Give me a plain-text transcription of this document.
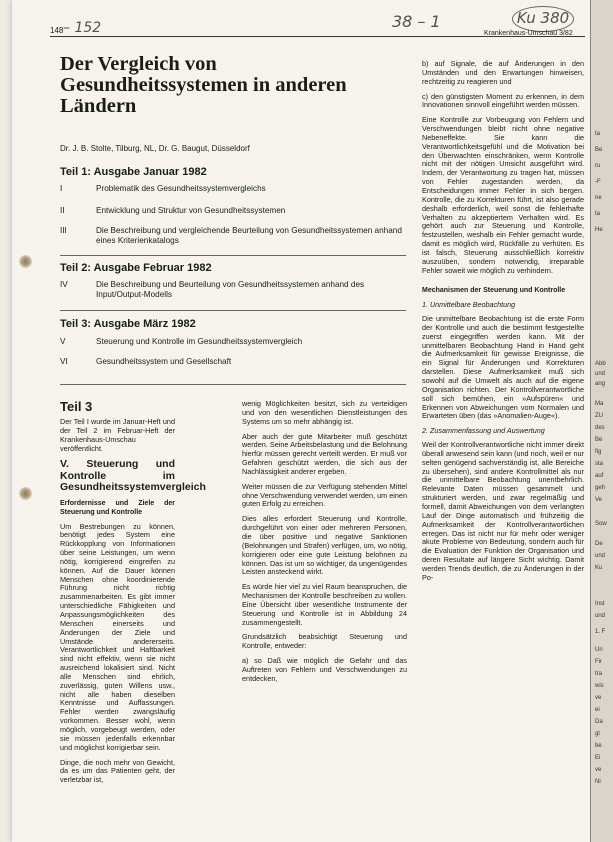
148 – 152	38 – 1	Ku 380
Krankenhaus-Umschau 3/82
Der Vergleich von Gesundheitssystemen in anderen Ländern
Dr. J. B. Stolte, Tilburg, NL, Dr. G. Baugut, Düsseldorf
Teil 1: Ausgabe Januar 1982
I	Problematik des Gesundheitssystemvergleichs
II	Entwicklung und Struktur von Gesundheitssystemen
III	Die Beschreibung und vergleichende Beurteilung von Gesundheitssystemen anhand eines Kriterienkatalogs
Teil 2: Ausgabe Februar 1982
IV	Die Beschreibung und Beurteilung von Gesundheitssystemen anhand des Input/Output-Modells
Teil 3: Ausgabe März 1982
V	Steuerung und Kontrolle im Gesundheitssystemvergleich
VI	Gesundheitssystem und Gesellschaft
Teil 3

Der Teil I wurde im Januar-Heft und der Teil 2 im Februar-Heft der Krankenhaus-Umschau veröffentlicht.

V. Steuerung und Kontrolle im Gesundheitssystemvergleich
Erfordernisse und Ziele der Steuerung und Kontrolle

Um Bestrebungen zu können, benötigt jedes System eine Rückkopplung von Informationen über seine Leistungen, um wenn nötig, korrigierend eingreifen zu können. Auf die Dauer können Menschen ohne koordinierende Führung nicht richtig zusammenarbeiten. Es gibt immer unterschiedliche Fähigkeiten und Anpassungsmöglichkeiten des Menschen einerseits und Änderungen der Ziele und Umstände andererseits. Verantwortlichkeit und Haftbarkeit sind nicht effektiv, wenn sie nicht ausreichend lokalisiert sind. Nicht alle Menschen sind ehrlich, zuverlässig, guten Willens usw., nicht alle haben dieselben Kenntnisse und Auffassungen. Fehler werden zwangsläufig vorkommen. Besser wohl, wenn möglich, vorgebeugt werden, oder sie müssen jedenfalls erkennbar und möglichst korrigierbar sein.

Dinge, die noch mehr von Gewicht, da es um das Patienten geht, der verletzbar ist,

wenig Möglichkeiten besitzt, sich zu verteidigen und von den wesentlichen Dienstleistungen des Systems um so mehr abhängig ist.

Aber auch der gute Mitarbeiter muß geschützt werden. Seine Arbeitsbelastung und die Belohnung hierfür müssen gerecht verteilt werden. Er muß vor Gefahren geschützt werden, die sich aus der Nachlässigkeit anderer ergeben.

Weiter müssen die zur Verfügung stehenden Mittel ohne Verschwendung verwendet werden, um einen guten Erfolg zu erreichen.

Dies alles erfordert Steuerung und Kontrolle, durchgeführt von einer oder mehreren Personen, die über positive und negative Sanktionen (Belohnungen und Strafen) verfügen, um, wo nötig, korrigieren oder eine gute Leistung belohnen zu können. Das ist um so wichtiger, da ungenügendes Leisten ansteckend wirkt.

Es würde hier viel zu viel Raum beanspruchen, die Mechanismen der Kontrolle beschreiben zu wollen. Eine Übersicht über wesentliche Instrumente der Steuerung und Kontrolle ist in Abbildung 24 zusammengestellt.

Grundsätzlich beabsichtigt Steuerung und Kontrolle, entweder:

a) so Daß wie möglich die Gefahr und das Auftreten von Fehlern und Verschwendungen zu entdecken,

b) auf Signale, die auf Änderungen in den Umständen und den Erwartungen hinweisen, rechtzeitig zu reagieren und

c) den günstigsten Moment zu erkennen, in dem Innovationen sinnvoll eingeführt werden müssen.

Eine Kontrolle zur Vorbeugung von Fehlern und Verschwendungen bleibt nicht ohne negative Nebeneffekte. Sie kann die Verantwortlichkeitsgefühl und die Motivation bei den Überwachten einschränken, wenn Kontrolle nicht mit der nötigen Umsicht ausgeführt wird. Indem, der Verantwortung zu tragen hat, müssen von Fehler zugestanden werden, da Entscheidungen immer Fehler in sich bergen. Kontrolle, die zu Korrekturen führt, ist also gerade deshalb erforderlich, weil sonst die fehlerhafte Verhalten zu akzeptiertem Verhalten wird. Es gehört auch zur Steuerung und Kontrolle, festzustellen, weshalb ein Fehler gemacht wurde, damit es möglich wird, Rückfälle zu verhüten. Es ist falsch, Steuerung ausschließlich korrektiv auszuüben, sondern notwendig, irreparable Fehler soweit wie möglich zu verhindern.

Mechanismen der Steuerung und Kontrolle
1. Unmittelbare Beobachtung

Die unmittelbare Beobachtung ist die erste Form der Kontrolle und auch die bestimmt festgestellte zuerst eingegriffen werden kann. Mit der unmittelbaren Beobachtung Hand in Hand geht die Aufmerksamkeit für gewisse Ereignisse, die ein Signal für Änderungen und Korrekturen darstellen. Diese Aufmerksamkeit muß sich sowohl auf die Umwelt als auch auf die eigene Organisation richten. Der Kontrollverantwortliche soll sich bemühen, ein »Aufspüren« und Erkennen von Abweichungen vom Normalen und Erwarteten üben (das »Anomalien-Auge«).

2. Zusammenfassung und Auswertung

Weil der Kontrollverantwortliche nicht immer direkt überall anwesend sein kann (und noch, weil er nur selten genügend sachverständig ist, alle Bereiche zu übersehen), sind andere Kontrollmittel als nur die unmittelbare Beobachtung unentbehrlich. Relevante Daten müssen gesammelt und strukturiert werden, und zwar regelmäßig und formell, damit Abweichungen von dem verlangten Lauf der Dinge automatisch und frühzeitig die Aufmerksamkeit der Kontrollverantwortlichen erregen. Das ist nicht nur für mehr oder weniger akute Probleme von Bedeutung, sondern auch für die Evaluation der Funktion der Organisation und deren Resultate auf längere Sicht wichtig. Damit werden Trends deutlich, die zu Änderungen in der Po-

ta
Be
ru
-F
ne
ta
He
Abb
und
ang
Ma
ZU
des
Be
fig
sta
auf
geh
Ve
Sow
De
und
Ku
Inst
und
1. F
Un
Fir
tra
wis
ve
ei
Da
gl
be
Ei
ve
Ni
